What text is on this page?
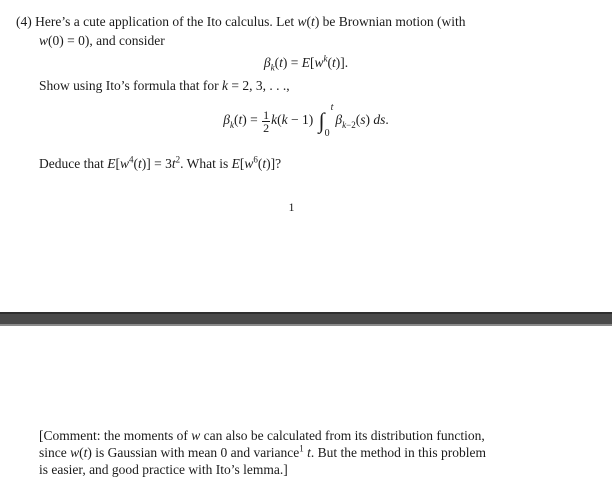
(4) Here’s a cute application of the Ito calculus. Let w(t) be Brownian motion (with
w(0) = 0), and consider
$\beta_k(t) = E[w^k(t)]$.
Show using Ito’s formula that for k = 2, 3, . . .,
$\beta_k(t) = \frac{1}{2} k(k - 1)$ ∫
t
0
$\beta_{k-2}(s)$ ds.
Deduce that $E[w^4(t)] = 3t^2$. What is $E[w^6(t)]$?
1
[Comment: the moments of w can also be calculated from its distribution function,
since w(t) is Gaussian with mean 0 and variance$^1$ t. But the method in this problem
is easier, and good practice with Ito’s lemma.]
